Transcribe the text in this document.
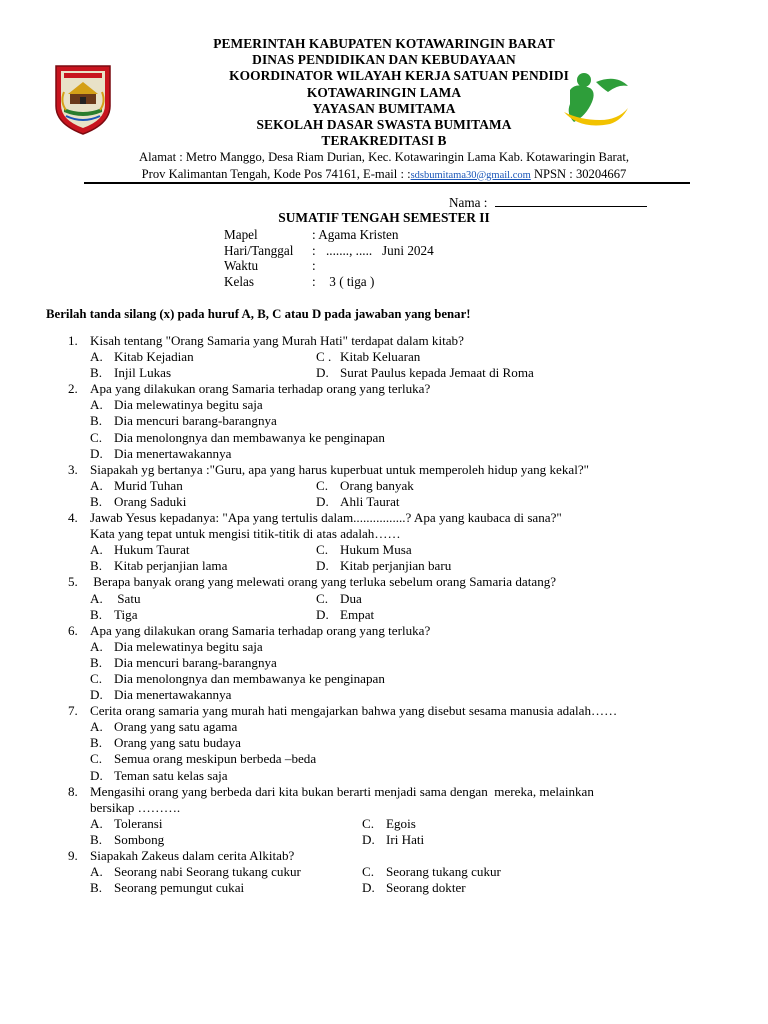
PEMERINTAH KABUPATEN KOTAWARINGIN BARAT
DINAS PENDIDIKAN DAN KEBUDAYAAN
KOORDINATOR WILAYAH KERJA SATUAN PENDIDI
KOTAWARINGIN LAMA
YAYASAN BUMITAMA
SEKOLAH DASAR SWASTA BUMITAMA
TERAKREDITASI B
Alamat : Metro Manggo, Desa Riam Durian, Kec. Kotawaringin Lama Kab. Kotawaringin Barat,
Prov Kalimantan Tengah, Kode Pos 74161, E-mail : :sdsbumitama30@gmail.com NPSN : 30204667
Nama :
SUMATIF TENGAH SEMESTER II
Mapel	: Agama Kristen
Hari/Tanggal	: ......., .....   Juni 2024
Waktu	:
Kelas	: 3 ( tiga )
Berilah tanda silang (x) pada huruf A, B, C atau D pada jawaban yang benar!
1. Kisah tentang "Orang Samaria yang Murah Hati" terdapat dalam kitab?
A. Kitab Kejadian	C . Kitab Keluaran
B. Injil Lukas	D. Surat Paulus kepada Jemaat di Roma
2. Apa yang dilakukan orang Samaria terhadap orang yang terluka?
A. Dia melewatinya begitu saja
B. Dia mencuri barang-barangnya
C. Dia menolongnya dan membawanya ke penginapan
D. Dia menertawakannya
3. Siapakah yg bertanya :"Guru, apa yang harus kuperbuat untuk memperoleh hidup yang kekal?"
A. Murid Tuhan	C. Orang banyak
B. Orang Saduki	D. Ahli Taurat
4. Jawab Yesus kepadanya: "Apa yang tertulis dalam................? Apa yang kaubaca di sana?"
Kata yang tepat untuk mengisi titik-titik di atas adalah……
A. Hukum Taurat	C. Hukum Musa
B. Kitab perjanjian lama	D. Kitab perjanjian baru
5. Berapa banyak orang yang melewati orang yang terluka sebelum orang Samaria datang?
A. Satu	C. Dua
B. Tiga	D. Empat
6. Apa yang dilakukan orang Samaria terhadap orang yang terluka?
A. Dia melewatinya begitu saja
B. Dia mencuri barang-barangnya
C. Dia menolongnya dan membawanya ke penginapan
D. Dia menertawakannya
7. Cerita orang samaria yang murah hati mengajarkan bahwa yang disebut sesama manusia adalah……
A. Orang yang satu agama
B. Orang yang satu budaya
C. Semua orang meskipun berbeda –beda
D. Teman satu kelas saja
8. Mengasihi orang yang berbeda dari kita bukan berarti menjadi sama dengan  mereka, melainkan
bersikap ……….
A. Toleransi	C. Egois
B. Sombong	D. Iri Hati
9. Siapakah Zakeus dalam cerita Alkitab?
A. Seorang nabi Seorang tukang cukur	C. Seorang tukang cukur
B. Seorang pemungut cukai	D. Seorang dokter
